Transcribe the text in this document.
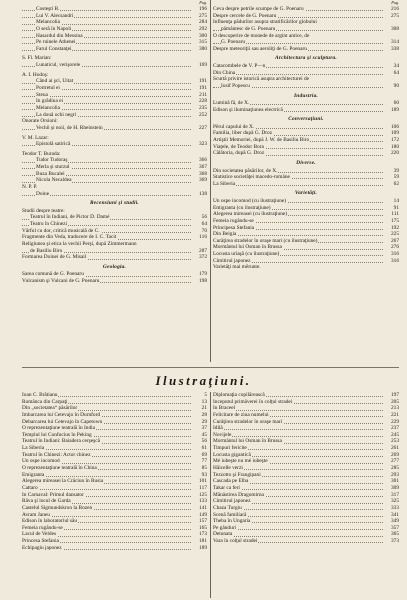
Pag.
Costeşti B.	196
Lui V. Alecsandri	275
Melancolia	284
O seră în Napoli	292
Hasardul din Messina	300
Pe ruinele Athenei	315
Farul Constanţei	380
S. Fl. Marian:
Lunaticul, verişorele	169
A. I. Hodoş:
Când ai şci, Uitat	191
Portretul ei	191
Steua	211
In grădina ei	228
Melancolia	235
La două ochi negri	252
Onorate Orsioni:
Vechii şi noii, de H. Rheinstein	227
V. M. Lazar:
Epistolă satirică	323
Teodor T. Burada:
Tudor Tudoraş	366
Merla şi sturzul	367
Buza Bucalei	368
Nicola Necaldea	369
N. P. P.
Doine	138
Recensiuni şi studii.
Studii despre teatre:
Teatrul în Indiani, de Pictor D. Damé	56
Teatru în Chinezi	64
Vărful cu dor, critică musicală de C.	70
Fragmente din Veda, traducere de I. C. Tacit	116
Religiunea şi etica la vechii Perşi, după Zimmermann
de Basiliu Biro	287
Formarea Doinei de G. Misail	372
Geologia.
Sarea comună de G. Poenaru	179
Vulcanism şi Vulcani de G. Poenaru	198
Pag.
Ceva despre petrile scumpe de G. Poenaru	216
Despre cercele de G. Poenaru	275
Influenţa pădurilor asupra stratificărilor globului
pământesc de G. Poenaru	308
O descoperire de monede de argint antice, de
G. Poenaru	314
Despre meteoriţii sau aeroliţi de G. Poenaru	338
Architectura şi sculptura.
Catacombele de V. P—n	34
Din China	64
Scurtă privire istorică asupra architecturei de
Iosif Popescu	90
Industria.
Lumină fă, de X.	60
Edison şi iluminaţiunea electrică	189
Conversaţiuni.
Pĕrul capului de X.	106
Familia, liber după G. Droz	109
Artiştii Memoriei, după J. W. de Basiliu Biro	172
Viaţele, de Teodor Bora	180
Călătoria, după G. Droz	220
Diverse.
Din societatea păsărilor, de X.	39
Statistice societăţei macedo-române	59
La Siberia	62
Varietăţi.
Un ospe incomod (cu ilustraţiune)	14
Emigranta (cu ilustraţiune)	91
Alegerea mireasei (cu ilustraţiune)	111
Femeia rugându-se	175
Principesa Stefania	192
Din Belgia	225
Curăţirea stradelor în oraşe mari (cu ilustraţiune)	267
Mormântul lui Osman în Brussa	276
Locusta uriaşă (cu ilustraţiune)	316
Cimitirul japonez	316
Varietăţi mai mĕrunte.
Ilustraţiuni.
Ioan C. Brătianu	5
Romănca din Carpaţi	13
Din „societatea“ păsărilor	21
Imbarcarea lui Cetevajo în Durnford	28
Debarcarea lui Cetevajo în Capetown	29
O reprezentaţiune teatrală în India	37
Templul lui Confucius în Peking	45
Teatrul în Indiani: Baiadera cerşeşcă	56
La Siberia	61
Teatrul în Chinezi: Actor chinez	69
Un ospe incomod	77
O reprezentaţiune teatrală în China	85
Emigranta	93
Alegerea mireasei la Crăciun în Rusia	101
Cattaro	117
In Carnaval: Primul dansator	125
Râva şi locul de Garda	133
Castelul Sigmundskron la Bozen	141
Avram Janeu	149
Edison în laboratoriul său	157
Femeia rugându-se	165
Lacul de Veldes	173
Princesa Stefania	181
Echipagiu japonez	189
Diplomaţia copilărească	197
Inceputul primăverei în colţul stradei	205
In Braceel	213
Felicitare de ziua numelui	221
Curăţirea stradelor în oraşe mari	229
Idilă	237
Novijele	245
Mormântul lui Osman în Brussa	253
Timpuri fericite	261
Locusta gigantică	269
Mé iubeşte nu mé iubeşte	277
Hăicelle verzi	285
Tezzotto şi Frangipani	293
Cascada pe Elba	301
Takar ca ferí	309
Mănăstirea Dragomirna	317
Cimitirul japonez	325
Chaza Turgiu	333
Scenă familiară	341
Theba în Ungaria	349
Pe gânduri	357
Detunata	365
Vara în colţul stradei	373
